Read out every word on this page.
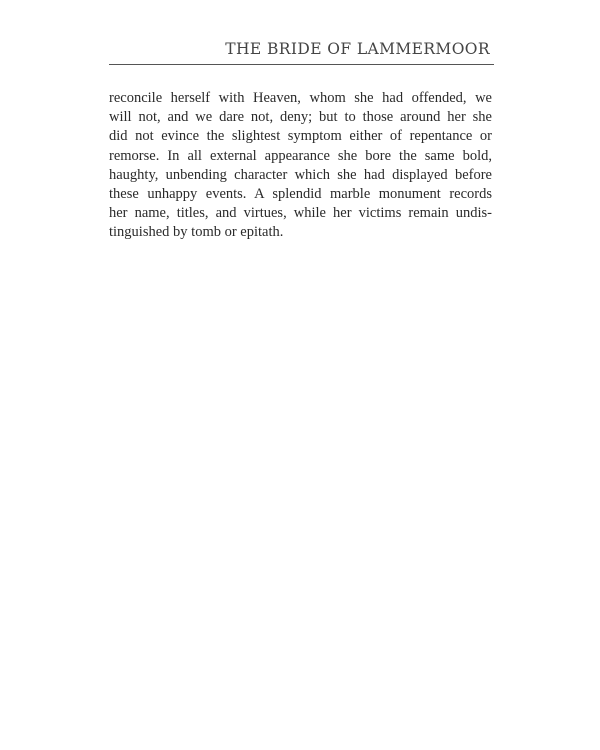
THE BRIDE OF LAMMERMOOR
reconcile herself with Heaven, whom she had offended, we
will not, and we dare not, deny; but to those around her she
did not evince the slightest symptom either of repentance or
remorse. In all external appearance she bore the same bold,
haughty, unbending character which she had displayed before
these unhappy events. A splendid marble monument records
her name, titles, and virtues, while her victims remain undis-
tinguished by tomb or epitath.
